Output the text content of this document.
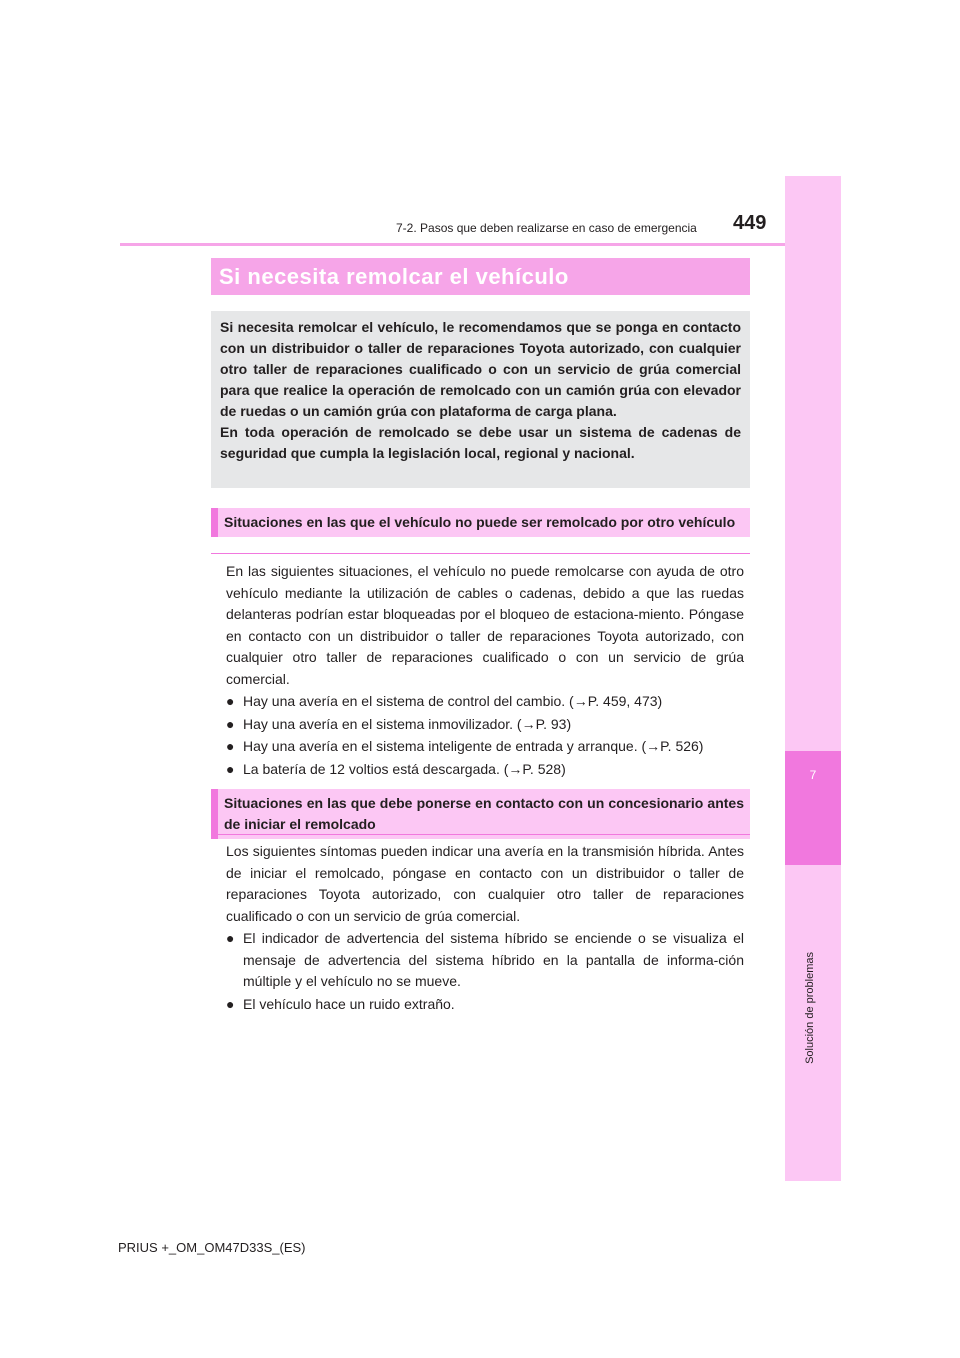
7
Solución de problemas
7-2. Pasos que deben realizarse en caso de emergencia 449
Si necesita remolcar el vehículo

Si necesita remolcar el vehículo, le recomendamos que se ponga en contacto con un distribuidor o taller de reparaciones Toyota autorizado, con cualquier otro taller de reparaciones cualificado o con un servicio de grúa comercial para que realice la operación de remolcado con un camión grúa con elevador de ruedas o un camión grúa con plataforma de carga plana.

En toda operación de remolcado se debe usar un sistema de cadenas de seguridad que cumpla la legislación local, regional y nacional.

Situaciones en las que el vehículo no puede ser remolcado por otro vehículo

En las siguientes situaciones, el vehículo no puede remolcarse con ayuda de otro vehículo mediante la utilización de cables o cadenas, debido a que las ruedas delanteras podrían estar bloqueadas por el bloqueo de estaciona-miento. Póngase en contacto con un distribuidor o taller de reparaciones Toyota autorizado, con cualquier otro taller de reparaciones cualificado o con un servicio de grúa comercial.

● Hay una avería en el sistema de control del cambio. (→P. 459, 473)
● Hay una avería en el sistema inmovilizador. (→P. 93)
● Hay una avería en el sistema inteligente de entrada y arranque. (→P. 526)
● La batería de 12 voltios está descargada. (→P. 528)
Situaciones en las que debe ponerse en contacto con un concesionario antes de iniciar el remolcado

Los siguientes síntomas pueden indicar una avería en la transmisión híbrida. Antes de iniciar el remolcado, póngase en contacto con un distribuidor o taller de reparaciones Toyota autorizado, con cualquier otro taller de reparaciones cualificado o con un servicio de grúa comercial.

● El indicador de advertencia del sistema híbrido se enciende o se visualiza el mensaje de advertencia del sistema híbrido en la pantalla de informa-ción múltiple y el vehículo no se mueve.
● El vehículo hace un ruido extraño.
PRIUS +_OM_OM47D33S_(ES)
